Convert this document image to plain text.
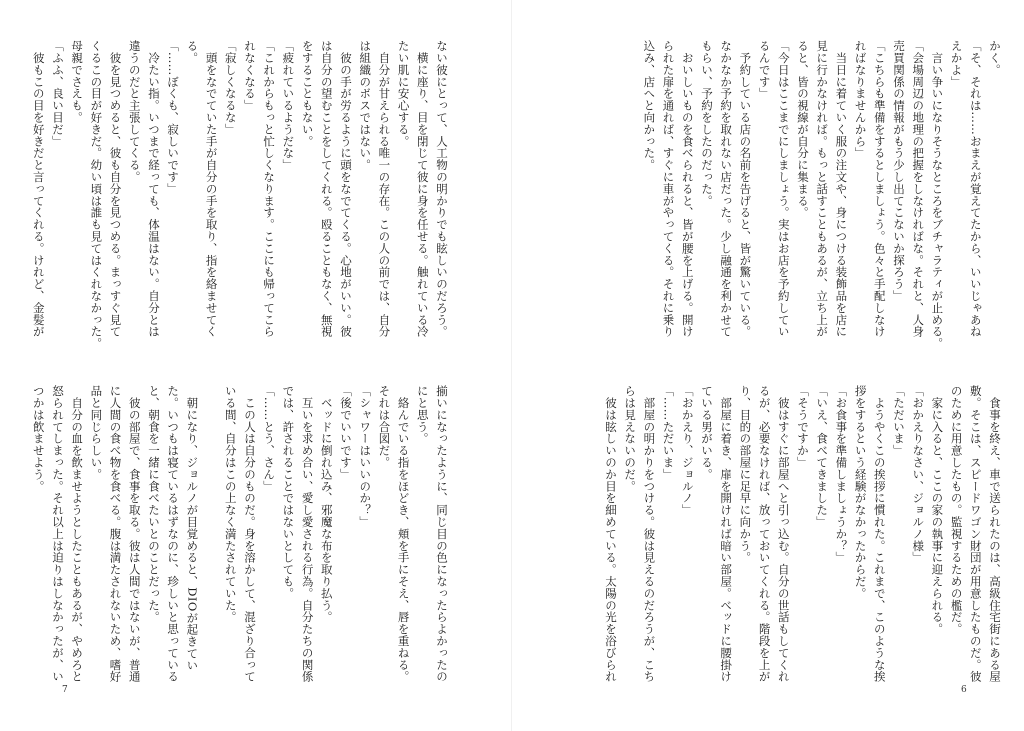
ない彼にとって、人工物の明かりでも眩しいのだろう。
　横に座り、目を閉じて彼に身を任せる。触れている冷
たい肌に安心する。
　自分が甘えられる唯一の存在。この人の前では、自分
は組織のボスではない。
　彼の手が労るように頭をなでてくる。心地がいい。彼
は自分の望むことをしてくれる。殴ることもなく、無視
をすることもない。
「疲れているようだな」
「これからもっと忙しくなります。ここにも帰ってこら
れなくなる」
「寂しくなるな」
　頭をなでていた手が自分の手を取り、指を絡ませてく
る。
「……ぼくも、寂しいです」
　冷たい指。いつまで経っても、体温はない。自分とは
違うのだと主張してくる。
　彼を見つめると、彼も自分を見つめる。まっすぐ見て
くるこの目が好きだ。幼い頃は誰も見てはくれなかった。
母親でさえも。
「ふふ、良い目だ」
　彼もこの目を好きだと言ってくれる。けれど、金髪が
揃いになったように、同じ目の色になったらよかったの
にと思う。
　絡んでいる指をほどき、頬を手にそえ、唇を重ねる。
それは合図だ。
「シャワーはいいのか？」
「後でいいです」
　ベッドに倒れ込み、邪魔な布を取り払う。
　互いを求め合い、愛し愛される行為。自分たちの関係
では、許されることではないとしても。
「……とう、さん」
　この人は自分のものだ。身を溶かして、混ざり合って
いる間、自分はこの上なく満たされていた。

　朝になり、ジョルノが目覚めると、DIOが起きてい
た。いつもは寝ているはずなのに、珍しいと思っている
と、朝食を一緒に食べたいとのことだった。
　彼の部屋で、食事を取る。彼は人間ではないが、普通
に人間の食べ物を食べる。腹は満たされないため、嗜好
品と同じらしい。
　自分の血を飲ませようとしたこともあるが、やめろと
怒られてしまった。それ以上は迫りはしなかったが、い
つかは飲ませよう。
7
かく。
「そ、それは……おまえが覚えてたから、いいじゃあね
えかよ」
　言い争いになりそうなところをブチャラティが止める。
「会場周辺の地理の把握をしなければな。それと、人身
売買関係の情報がもう少し出てこないか探ろう」
「こちらも準備をするとしましょう。色々と手配しなけ
ればなりませんから」
　当日に着ていく服の注文や、身につける装飾品を店に
見に行かなければ。もっと話すこともあるが、立ち上が
ると、皆の視線が自分に集まる。
「今日はここまでにしましょう。実はお店を予約してい
るんです」
　予約している店の名前を告げると、皆が驚いている。
なかなか予約を取れない店だった。少し融通を利かせて
もらい、予約をしたのだった。
　おいしいものを食べられると、皆が腰を上げる。開け
られた扉を通れば、すぐに車がやってくる。それに乗り
込み、店へと向かった。
　食事を終え、車で送られたのは、高級住宅街にある屋
敷。そこは、スピードワゴン財団が用意したものだ。彼
のために用意したもの。監視するための檻だ。
　家に入ると、ここの家の執事に迎えられる。
「おかえりなさい、ジョルノ様」
「ただいま」
　ようやくこの挨拶に慣れた。これまで、このような挨
拶をするという経験がなかったからだ。
「お食事を準備しましょうか？」
「いえ、食べてきました」
「そうですか」
　彼はすぐに部屋へと引っ込む。自分の世話もしてくれ
るが、必要なければ、放っておいてくれる。階段を上が
り、目的の部屋に足早に向かう。
　部屋に着き、扉を開ければ暗い部屋。ベッドに腰掛け
ている男がいる。
「おかえり、ジョルノ」
「……ただいま」
　部屋の明かりをつける。彼は見えるのだろうが、こち
らは見えないのだ。
　彼は眩しいのか目を細めている。太陽の光を浴びられ
6
